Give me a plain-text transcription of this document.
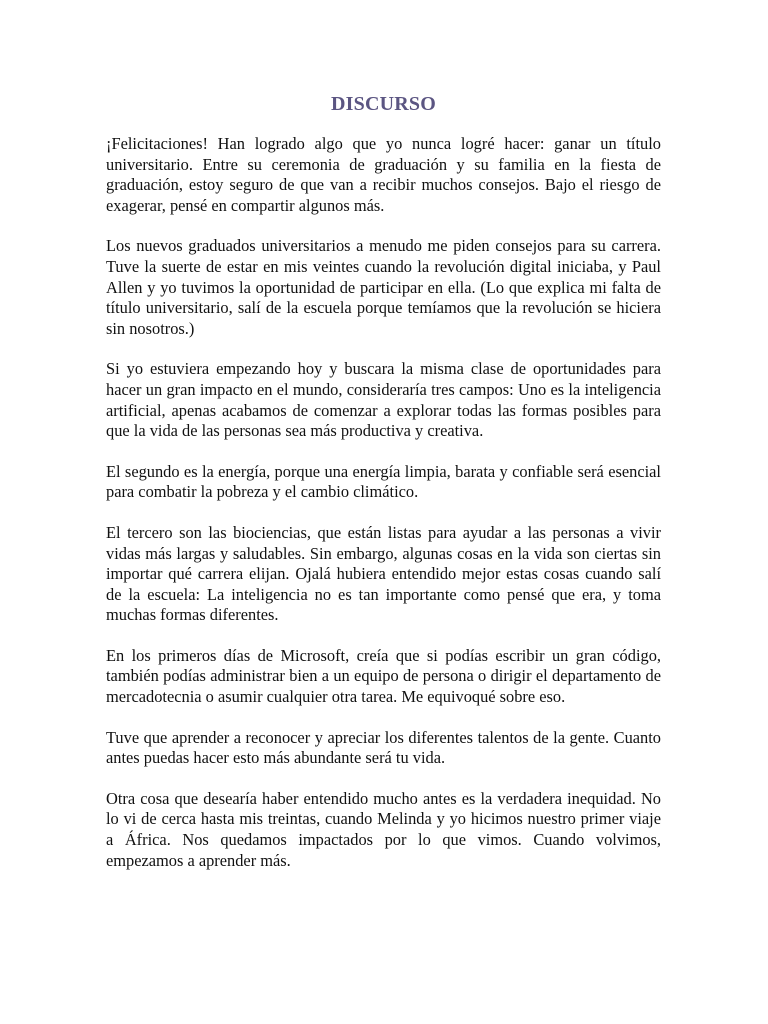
DISCURSO

¡Felicitaciones! Han logrado algo que yo nunca logré hacer: ganar un título universitario. Entre su ceremonia de graduación y su familia en la fiesta de graduación, estoy seguro de que van a recibir muchos consejos. Bajo el riesgo de exagerar, pensé en compartir algunos más.

Los nuevos graduados universitarios a menudo me piden consejos para su carrera. Tuve la suerte de estar en mis veintes cuando la revolución digital iniciaba, y Paul Allen y yo tuvimos la oportunidad de participar en ella. (Lo que explica mi falta de título universitario, salí de la escuela porque temíamos que la revolución se hiciera sin nosotros.)

Si yo estuviera empezando hoy y buscara la misma clase de oportunidades para hacer un gran impacto en el mundo, consideraría tres campos: Uno es la inteligencia artificial, apenas acabamos de comenzar a explorar todas las formas posibles para que la vida de las personas sea más productiva y creativa.

El segundo es la energía, porque una energía limpia, barata y confiable será esencial para combatir la pobreza y el cambio climático.

El tercero son las biociencias, que están listas para ayudar a las personas a vivir vidas más largas y saludables. Sin embargo, algunas cosas en la vida son ciertas sin importar qué carrera elijan. Ojalá hubiera entendido mejor estas cosas cuando salí de la escuela: La inteligencia no es tan importante como pensé que era, y toma muchas formas diferentes.

En los primeros días de Microsoft, creía que si podías escribir un gran código, también podías administrar bien a un equipo de persona o dirigir el departamento de mercadotecnia o asumir cualquier otra tarea. Me equivoqué sobre eso.

Tuve que aprender a reconocer y apreciar los diferentes talentos de la gente. Cuanto antes puedas hacer esto más abundante será tu vida.

Otra cosa que desearía haber entendido mucho antes es la verdadera inequidad. No lo vi de cerca hasta mis treintas, cuando Melinda y yo hicimos nuestro primer viaje a África. Nos quedamos impactados por lo que vimos. Cuando volvimos, empezamos a aprender más.
